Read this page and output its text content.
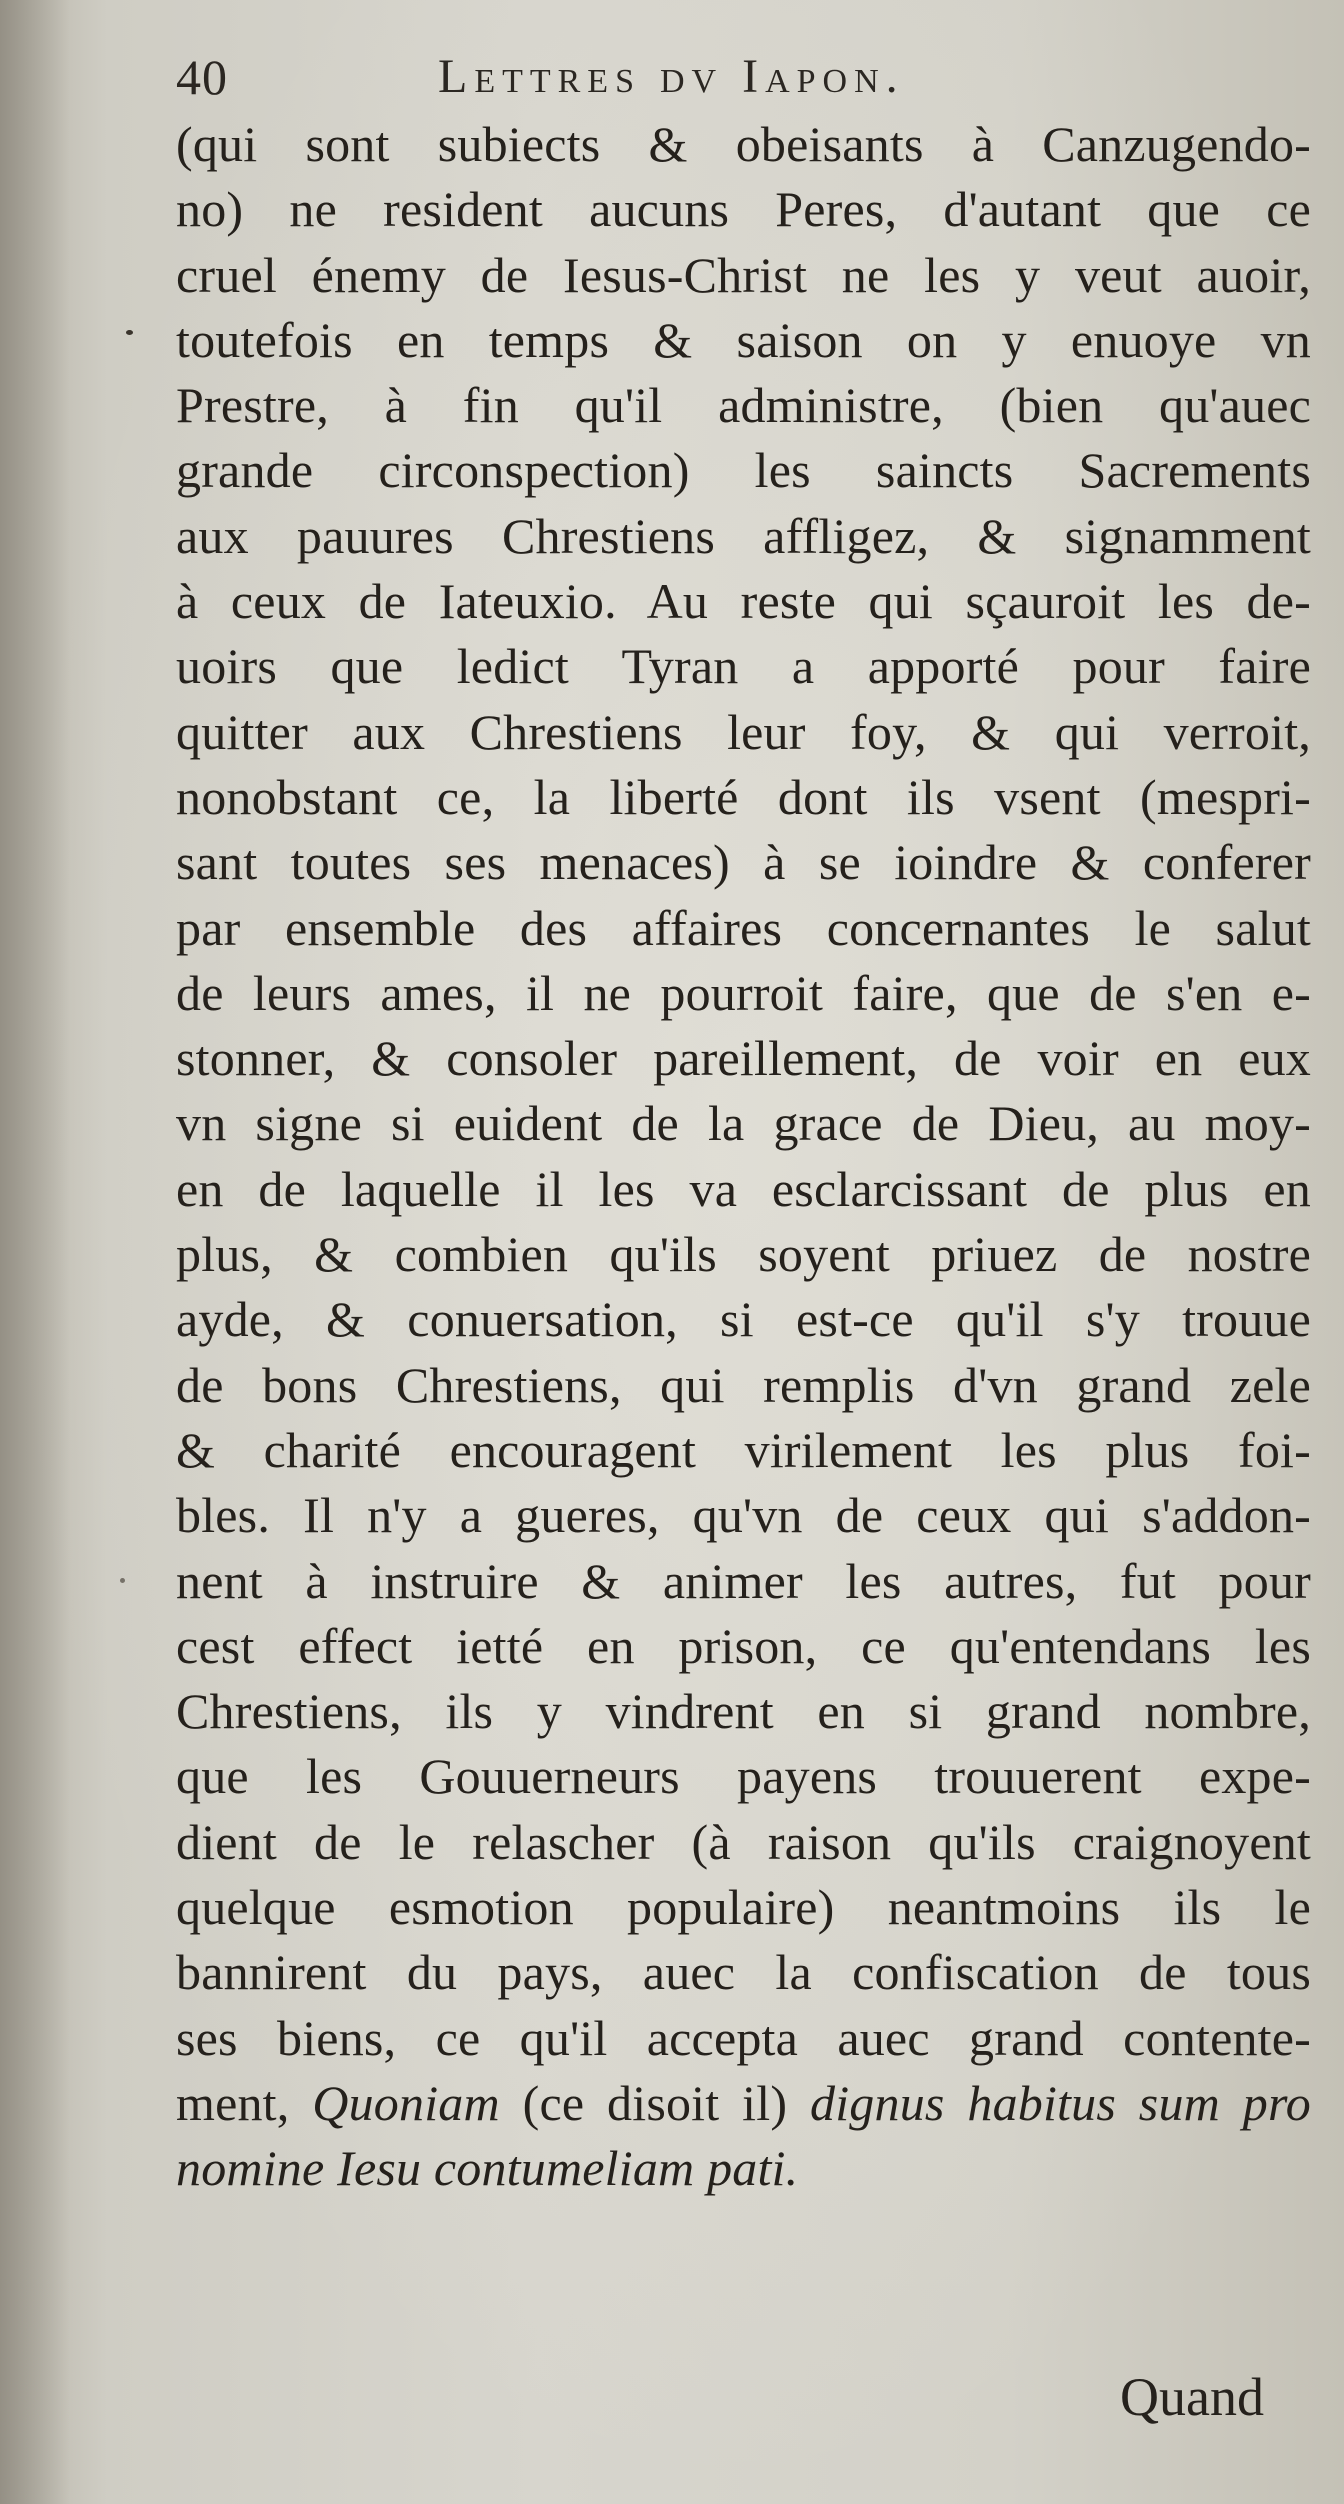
40	Lettres dv Iapon.
(qui sont subiects & obeisants à Canzugendo-
no) ne resident aucuns Peres, d'autant que ce
cruel énemy de Iesus-Christ ne les y veut auoir,
toutefois en temps & saison on y enuoye vn
Prestre, à fin qu'il administre, (bien qu'auec
grande circonspection) les saincts Sacrements
aux pauures Chrestiens affligez, & signamment
à ceux de Iateuxio. Au reste qui sçauroit les de-
uoirs que ledict Tyran a apporté pour faire
quitter aux Chrestiens leur foy, & qui verroit,
nonobstant ce, la liberté dont ils vsent (mespri-
sant toutes ses menaces) à se ioindre & conferer
par ensemble des affaires concernantes le salut
de leurs ames, il ne pourroit faire, que de s'en e-
stonner, & consoler pareillement, de voir en eux
vn signe si euident de la grace de Dieu, au moy-
en de laquelle il les va esclarcissant de plus en
plus, & combien qu'ils soyent priuez de nostre
ayde, & conuersation, si est-ce qu'il s'y trouue
de bons Chrestiens, qui remplis d'vn grand zele
& charité encouragent virilement les plus foi-
bles. Il n'y a gueres, qu'vn de ceux qui s'addon-
nent à instruire & animer les autres, fut pour
cest effect ietté en prison, ce qu'entendans les
Chrestiens, ils y vindrent en si grand nombre,
que les Gouuerneurs payens trouuerent expe-
dient de le relascher (à raison qu'ils craignoyent
quelque esmotion populaire) neantmoins ils le
bannirent du pays, auec la confiscation de tous
ses biens, ce qu'il accepta auec grand contente-
ment, Quoniam (ce disoit il) dignus habitus sum pro
nomine Iesu contumeliam pati.
Quand
